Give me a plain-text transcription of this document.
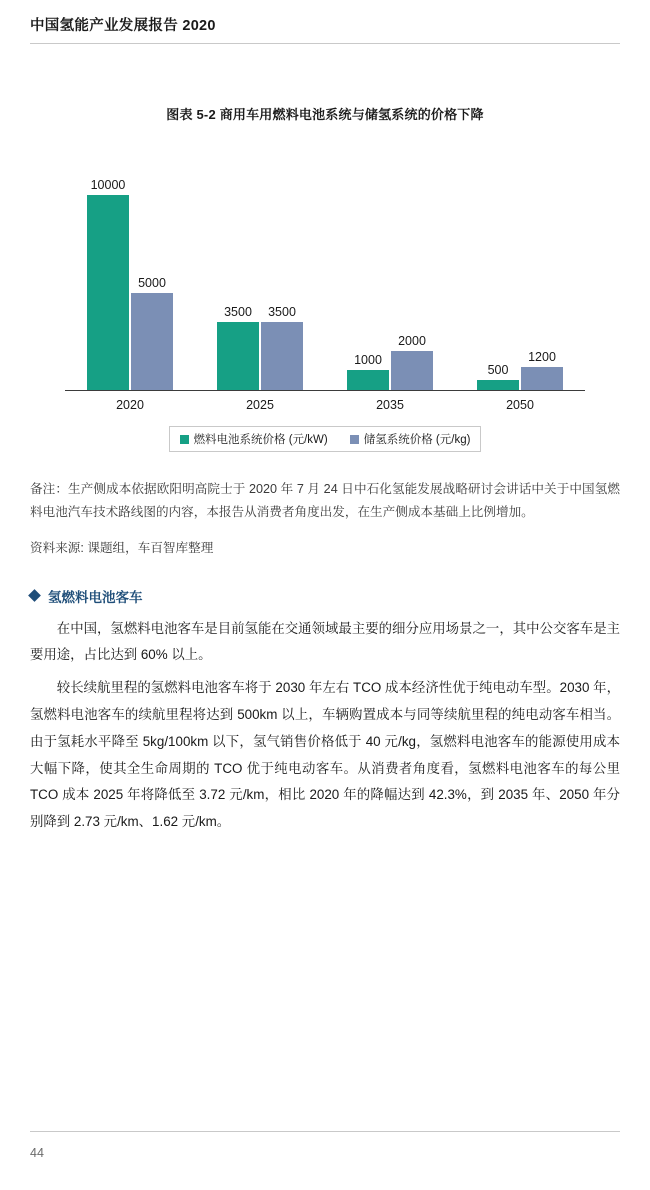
中国氢能产业发展报告 2020
图表 5-2 商用车用燃料电池系统与储氢系统的价格下降
10000
5000
3500 3500
1000
2000
500
1200
2020	2025	2035	2050
燃料电池系统价格 (元/kW)	储氢系统价格 (元/kg)
备注：生产侧成本依据欧阳明高院士于 2020 年 7 月 24 日中石化氢能发展战略研讨会讲话中关于中国氢燃料电池汽车技术路线图的内容，本报告从消费者角度出发，在生产侧成本基础上比例增加。
资料来源: 课题组，车百智库整理
氢燃料电池客车

在中国，氢燃料电池客车是目前氢能在交通领域最主要的细分应用场景之一，其中公交客车是主要用途，占比达到 60% 以上。

较长续航里程的氢燃料电池客车将于 2030 年左右 TCO 成本经济性优于纯电动车型。2030 年，氢燃料电池客车的续航里程将达到 500km 以上，车辆购置成本与同等续航里程的纯电动客车相当。由于氢耗水平降至 5kg/100km 以下，氢气销售价格低于 40 元/kg，氢燃料电池客车的能源使用成本大幅下降，使其全生命周期的 TCO 优于纯电动客车。从消费者角度看，氢燃料电池客车的每公里 TCO 成本 2025 年将降低至 3.72 元/km，相比 2020 年的降幅达到 42.3%，到 2035 年、2050 年分别降到 2.73 元/km、1.62 元/km。

44
